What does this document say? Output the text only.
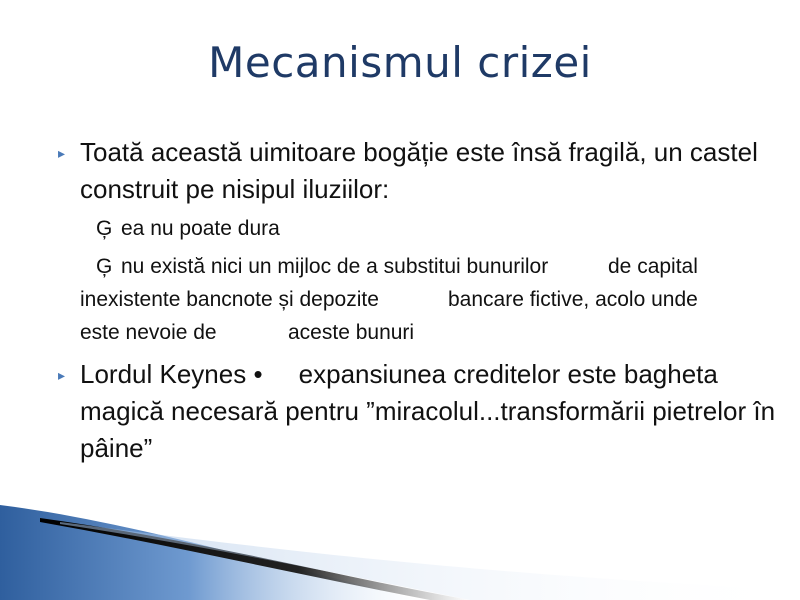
Mecanismul crizei
▸ Toată această uimitoare bogăție este însă fragilă, un castel
construit pe nisipul iluziilor:
Ģ ea nu poate dura
Ģ nu există nici un mijloc de a substitui bunurilor	de capital
inexistente bancnote și depozite	bancare fictive, acolo unde
este nevoie de	aceste bunuri
▸ Lordul Keynes •     expansiunea creditelor este bagheta
magică necesară pentru ”miracolul...transformării pietrelor în
pâine”
